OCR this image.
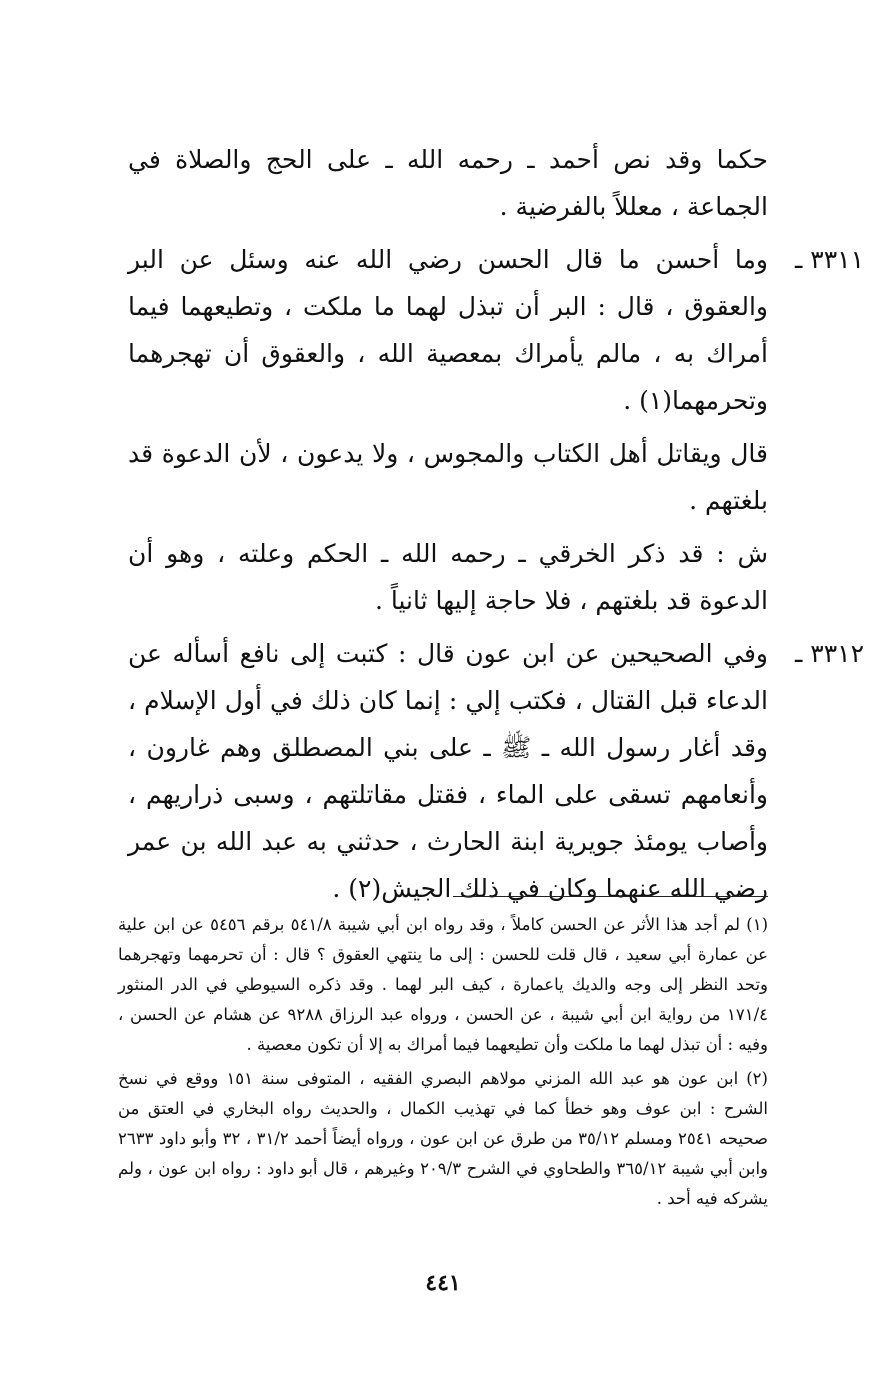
حكما وقد نص أحمد ـ رحمه الله ـ على الحج والصلاة في الجماعة ، معللاً بالفرضية .

٣٣١١ ـ

وما أحسن ما قال الحسن رضي الله عنه وسئل عن البر والعقوق ، قال : البر أن تبذل لهما ما ملكت ، وتطيعهما فيما أمراك به ، مالم يأمراك بمعصية الله ، والعقوق أن تهجرهما وتحرمهما(١) .

قال ويقاتل أهل الكتاب والمجوس ، ولا يدعون ، لأن الدعوة قد بلغتهم .

ش : قد ذكر الخرقي ـ رحمه الله ـ الحكم وعلته ، وهو أن الدعوة قد بلغتهم ، فلا حاجة إليها ثانياً .

٣٣١٢ ـ

وفي الصحيحين عن ابن عون قال : كتبت إلى نافع أسأله عن الدعاء قبل القتال ، فكتب إلي : إنما كان ذلك في أول الإسلام ، وقد أغار رسول الله ـ ﷺ ـ على بني المصطلق وهم غارون ، وأنعامهم تسقى على الماء ، فقتل مقاتلتهم ، وسبى ذراريهم ، وأصاب يومئذ جويرية ابنة الحارث ، حدثني به عبد الله بن عمر رضي الله عنهما وكان في ذلك الجيش(٢) .

(١) لم أجد هذا الأثر عن الحسن كاملاً ، وقد رواه ابن أبي شيبة ٥٤١/٨ برقم ٥٤٥٦ عن ابن علية عن عمارة أبي سعيد ، قال قلت للحسن : إلى ما ينتهي العقوق ؟ قال : أن تحرمهما وتهجرهما وتحد النظر إلى وجه والديك ياعمارة ، كيف البر لهما . وقد ذكره السيوطي في الدر المنثور ١٧١/٤ من رواية ابن أبي شيبة ، عن الحسن ، ورواه عبد الرزاق ٩٢٨٨ عن هشام عن الحسن ، وفيه : أن تبذل لهما ما ملكت وأن تطيعهما فيما أمراك به إلا أن تكون معصية .

(٢) ابن عون هو عبد الله المزني مولاهم البصري الفقيه ، المتوفى سنة ١٥١ ووقع في نسخ الشرح : ابن عوف وهو خطأ كما في تهذيب الكمال ، والحديث رواه البخاري في العتق من صحيحه ٢٥٤١ ومسلم ٣٥/١٢ من طرق عن ابن عون ، ورواه أيضاً أحمد ٣١/٢ ، ٣٢ وأبو داود ٢٦٣٣ وابن أبي شيبة ٣٦٥/١٢ والطحاوي في الشرح ٢٠٩/٣ وغيرهم ، قال أبو داود : رواه ابن عون ، ولم يشركه فيه أحد .

٤٤١
